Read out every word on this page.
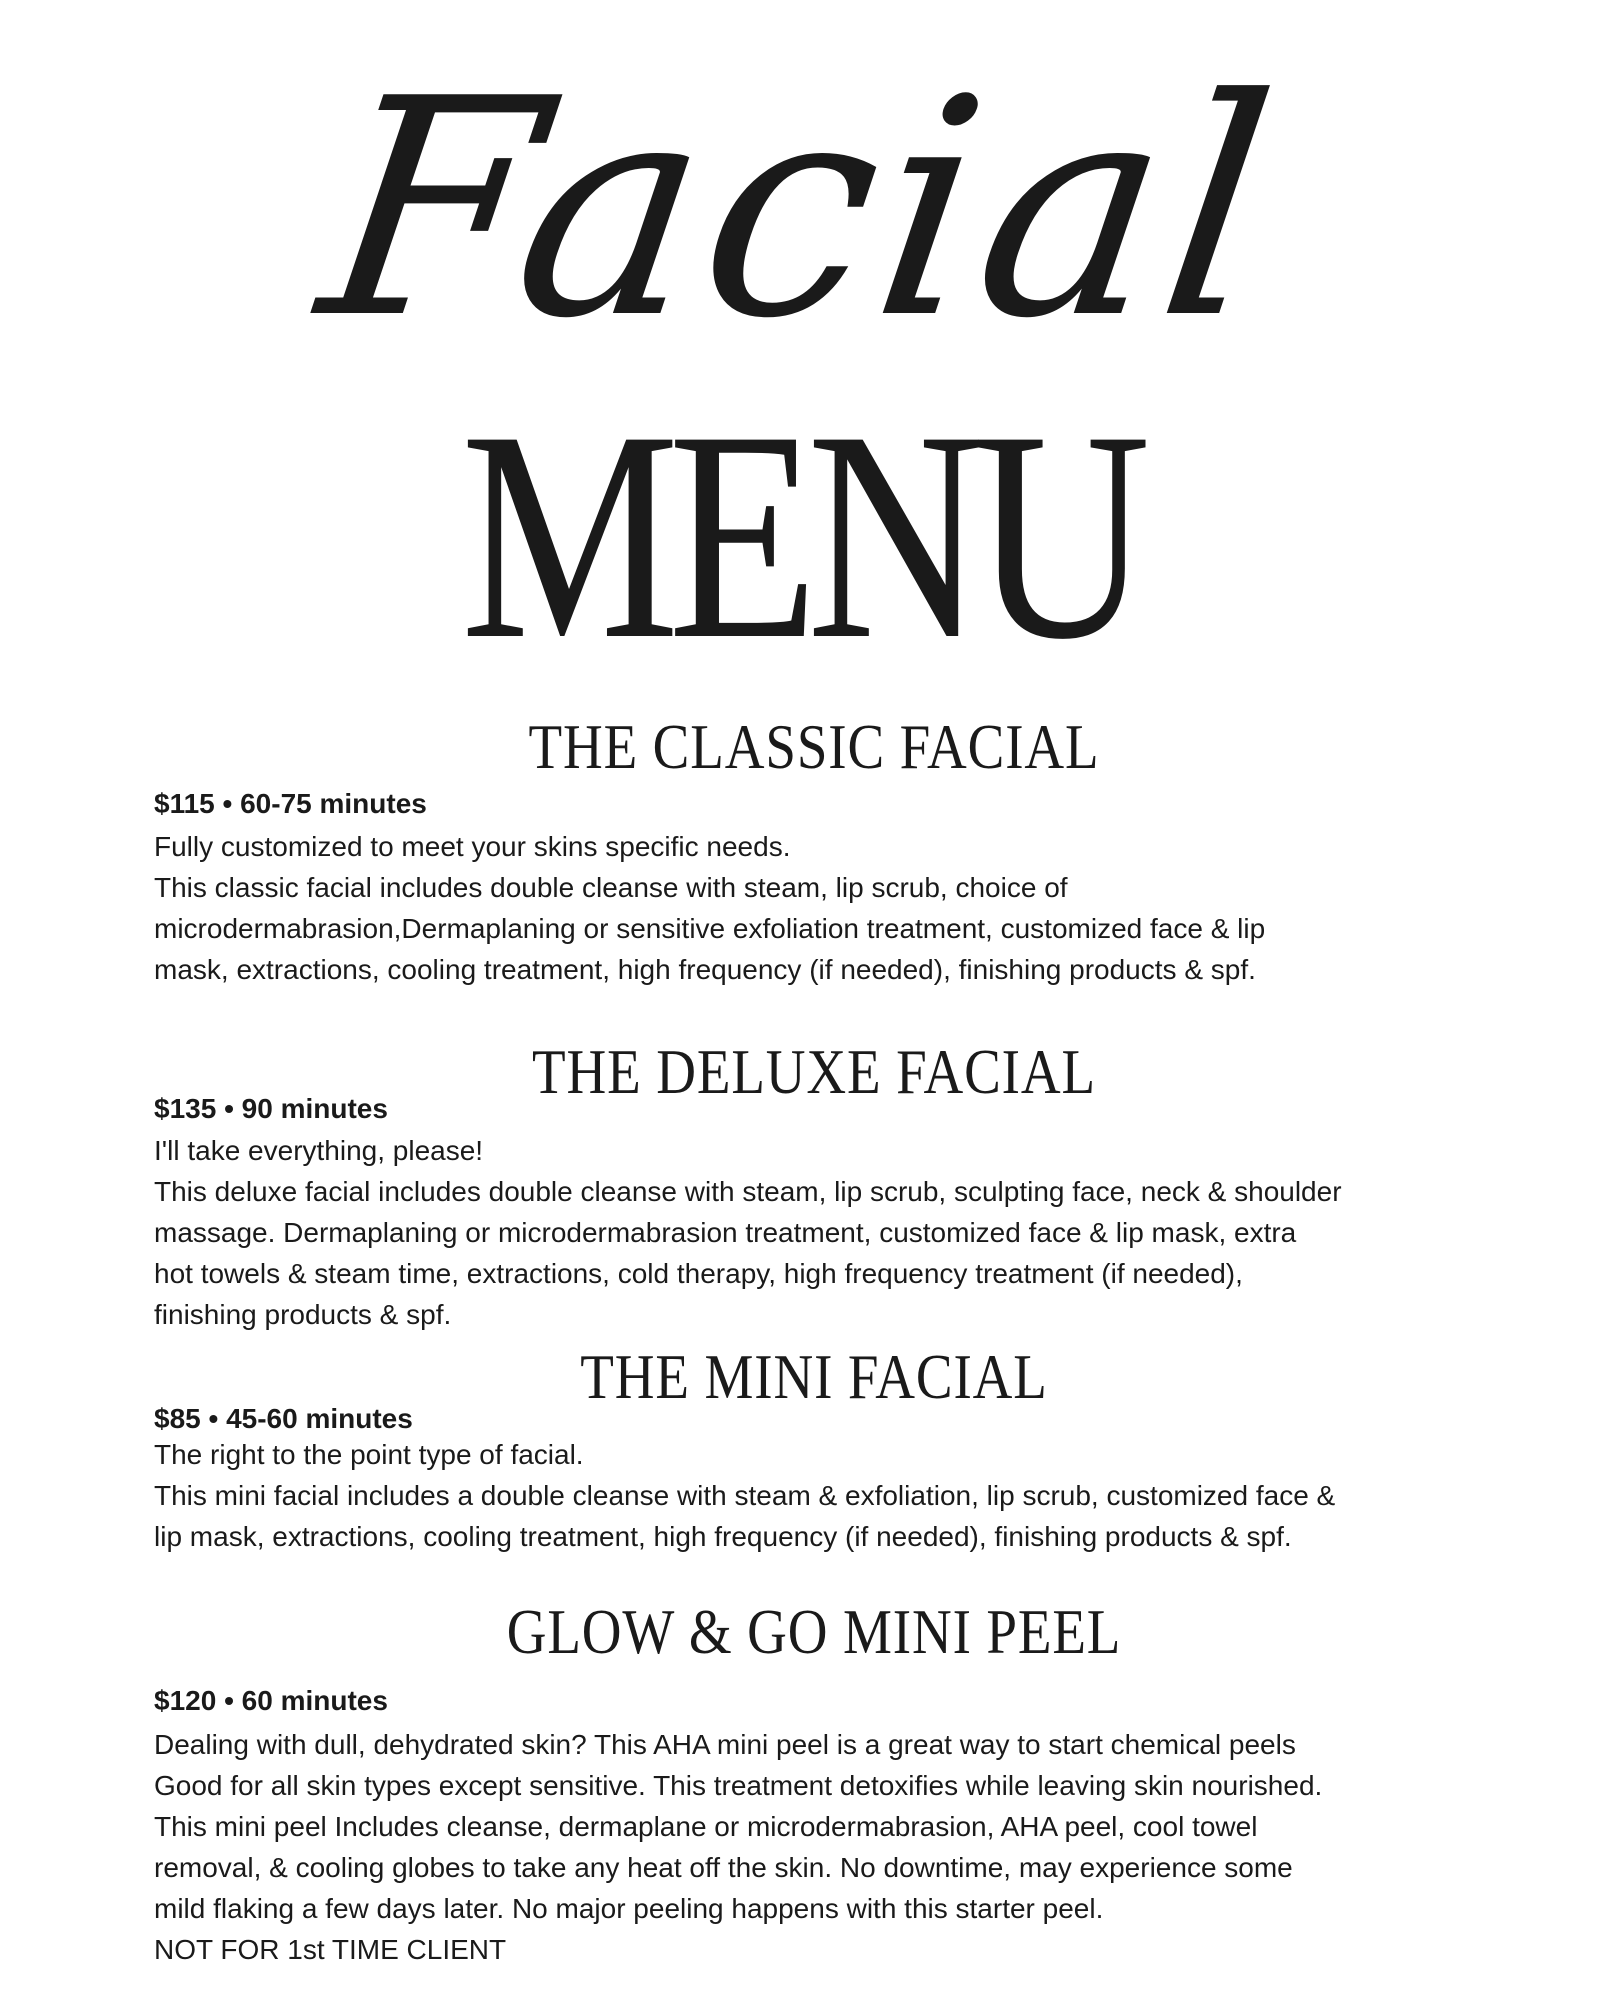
Facial
MENU
THE CLASSIC FACIAL
$115 • 60-75 minutes
Fully customized to meet your skins specific needs.
This classic facial includes double cleanse with steam, lip scrub, choice of
microdermabrasion,Dermaplaning or sensitive exfoliation treatment, customized face & lip
mask, extractions, cooling treatment, high frequency (if needed), finishing products & spf.
THE DELUXE FACIAL
$135 • 90 minutes
I'll take everything, please!
This deluxe facial includes double cleanse with steam, lip scrub, sculpting face, neck & shoulder
massage. Dermaplaning or microdermabrasion treatment, customized face & lip mask, extra
hot towels & steam time, extractions, cold therapy, high frequency treatment (if needed),
finishing products & spf.
THE MINI FACIAL
$85 • 45-60 minutes
The right to the point type of facial.
This mini facial includes a double cleanse with steam & exfoliation, lip scrub, customized face &
lip mask, extractions, cooling treatment, high frequency (if needed), finishing products & spf.
GLOW & GO MINI PEEL
$120 • 60 minutes
Dealing with dull, dehydrated skin? This AHA mini peel is a great way to start chemical peels
Good for all skin types except sensitive. This treatment detoxifies while leaving skin nourished.
This mini peel Includes cleanse, dermaplane or microdermabrasion, AHA peel, cool towel
removal, & cooling globes to take any heat off the skin. No downtime, may experience some
mild flaking a few days later. No major peeling happens with this starter peel.
NOT FOR 1st TIME CLIENT
